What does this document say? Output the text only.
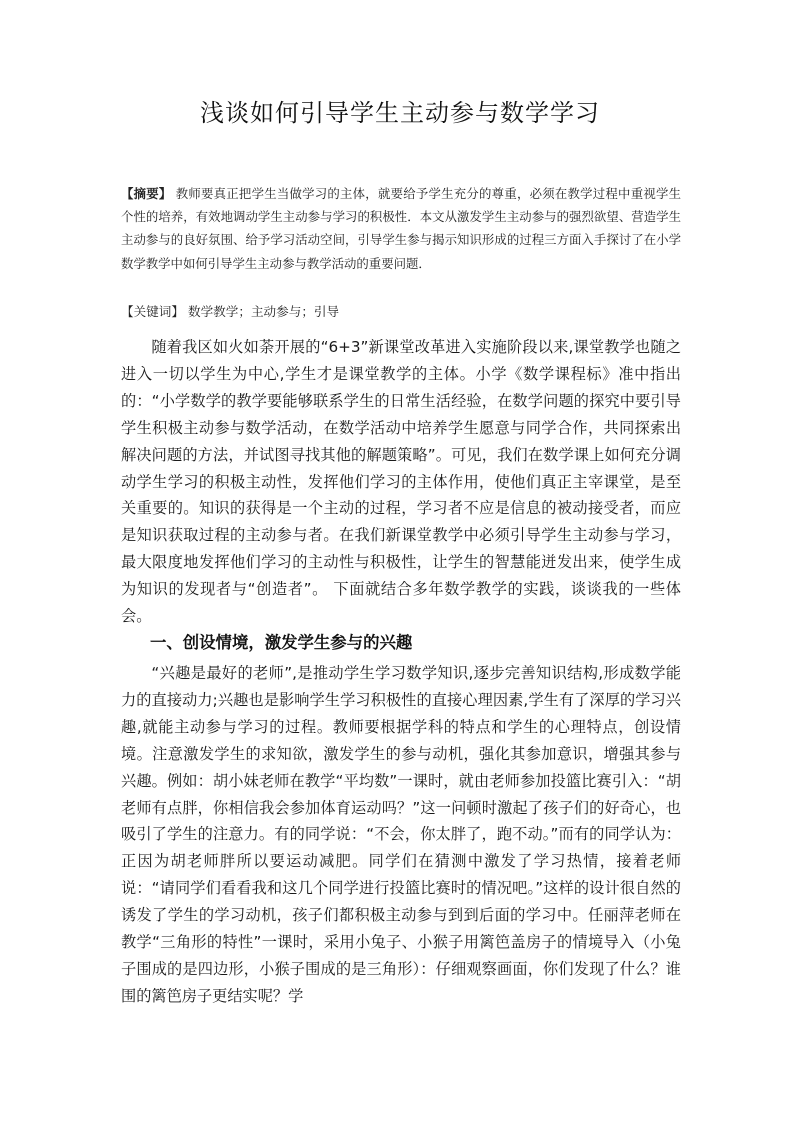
浅谈如何引导学生主动参与数学学习
【摘要】 教师要真正把学生当做学习的主体，就要给予学生充分的尊重，必须在教学过程中重视学生个性的培养，有效地调动学生主动参与学习的积极性．本文从激发学生主动参与的强烈欲望、营造学生主动参与的良好氛围、给予学习活动空间，引导学生参与揭示知识形成的过程三方面入手探讨了在小学数学教学中如何引导学生主动参与教学活动的重要问题．
【关键词】 数学教学；主动参与；引导
随着我区如火如荼开展的“6+3”新课堂改革进入实施阶段以来,课堂教学也随之进入一切以学生为中心,学生才是课堂教学的主体。小学《数学课程标》准中指出的：“小学数学的教学要能够联系学生的日常生活经验，在数学问题的探究中要引导学生积极主动参与数学活动，在数学活动中培养学生愿意与同学合作，共同探索出解决问题的方法，并试图寻找其他的解题策略”。可见，我们在数学课上如何充分调动学生学习的积极主动性，发挥他们学习的主体作用，使他们真正主宰课堂，是至关重要的。知识的获得是一个主动的过程，学习者不应是信息的被动接受者，而应是知识获取过程的主动参与者。在我们新课堂教学中必须引导学生主动参与学习，最大限度地发挥他们学习的主动性与积极性，让学生的智慧能迸发出来，使学生成为知识的发现者与“创造者”。 下面就结合多年数学教学的实践，谈谈我的一些体会。
一、创设情境，激发学生参与的兴趣
“兴趣是最好的老师”,是推动学生学习数学知识,逐步完善知识结构,形成数学能力的直接动力;兴趣也是影响学生学习积极性的直接心理因素,学生有了深厚的学习兴趣,就能主动参与学习的过程。教师要根据学科的特点和学生的心理特点，创设情境。注意激发学生的求知欲，激发学生的参与动机，强化其参加意识，增强其参与兴趣。例如：胡小妹老师在教学“平均数”一课时，就由老师参加投篮比赛引入：“胡老师有点胖，你相信我会参加体育运动吗？”这一问顿时激起了孩子们的好奇心，也吸引了学生的注意力。有的同学说：“不会，你太胖了，跑不动。”而有的同学认为：正因为胡老师胖所以要运动减肥。同学们在猜测中激发了学习热情，接着老师说：“请同学们看看我和这几个同学进行投篮比赛时的情况吧。”这样的设计很自然的诱发了学生的学习动机，孩子们都积极主动参与到到后面的学习中。任丽萍老师在教学“三角形的特性”一课时，采用小兔子、小猴子用篱笆盖房子的情境导入（小兔子围成的是四边形，小猴子围成的是三角形）：仔细观察画面，你们发现了什么？谁围的篱笆房子更结实呢？学
